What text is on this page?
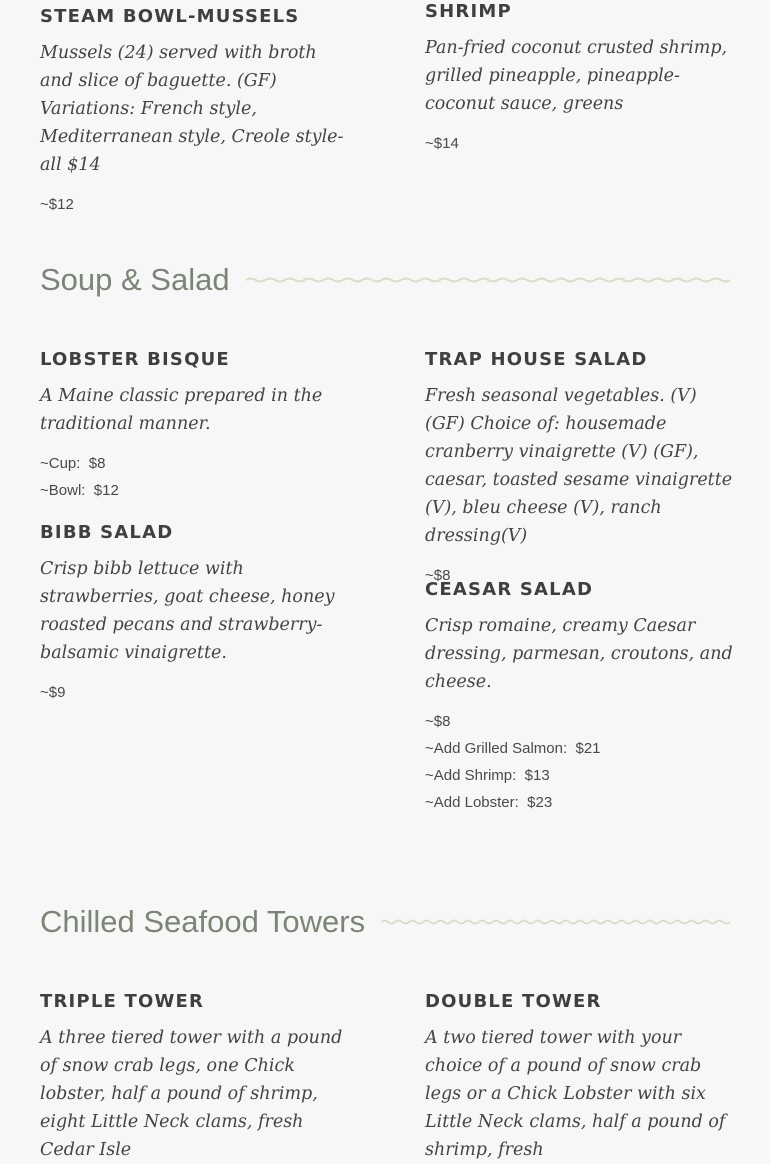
STEAM BOWL-MUSSELS

Mussels (24) served with broth and slice of baguette. (GF) Variations: French style, Mediterranean style, Creole style- all $14

~$12
SHRIMP

Pan-fried coconut crusted shrimp, grilled pineapple, pineapple-coconut sauce, greens

~$14
Soup & Salad
LOBSTER BISQUE

A Maine classic prepared in the traditional manner.

~Cup:  $8
~Bowl:  $12
TRAP HOUSE SALAD

Fresh seasonal vegetables. (V) (GF) Choice of: housemade cranberry vinaigrette (V) (GF), caesar, toasted sesame vinaigrette (V), bleu cheese (V), ranch dressing(V)

~$8
BIBB SALAD

Crisp bibb lettuce with strawberries, goat cheese, honey roasted pecans and strawberry- balsamic vinaigrette.

~$9
CEASAR SALAD

Crisp romaine, creamy Caesar dressing, parmesan, croutons, and cheese.

~$8
~Add Grilled Salmon:  $21
~Add Shrimp:  $13
~Add Lobster:  $23
Chilled Seafood Towers
TRIPLE TOWER

A three tiered tower with a pound of snow crab legs, one Chick lobster, half a pound of shrimp, eight Little Neck clams, fresh Cedar Isle

DOUBLE TOWER

A two tiered tower with your choice of a pound of snow crab legs or a Chick Lobster with six Little Neck clams, half a pound of shrimp, fresh
